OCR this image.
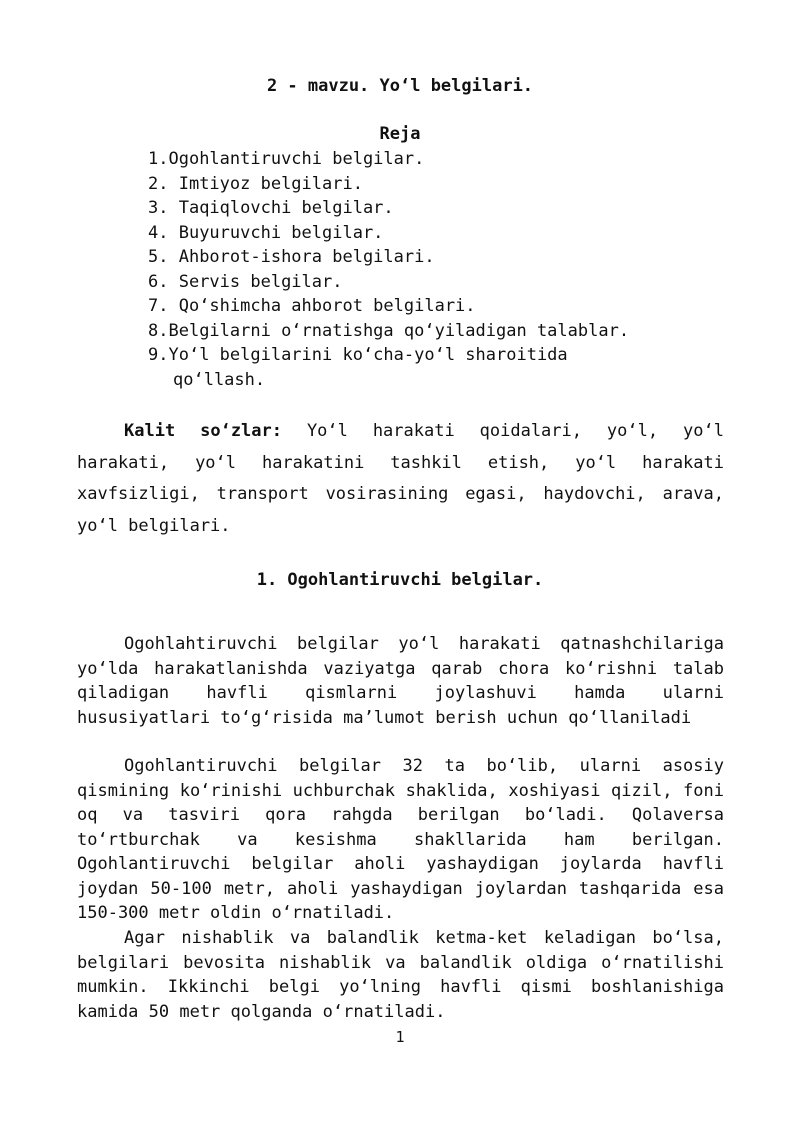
2 - mavzu. Yo‘l belgilari.
Reja
1. Ogohlantiruvchi belgilar.
2. Imtiyoz belgilari.
3. Taqiqlovchi belgilar.
4. Buyuruvchi belgilar.
5. Ahborot-ishora belgilari.
6. Servis belgilar.
7. Qo‘shimcha ahborot belgilari.
8. Belgilarni o‘rnatishga qo‘yiladigan talablar.
9. Yo‘l belgilarini ko‘cha-yo‘l sharoitida
qo‘llash.

Kalit so‘zlar: Yo‘l harakati qoidalari, yo‘l, yo‘l harakati, yo‘l harakatini tashkil etish, yo‘l harakati xavfsizligi, transport vosirasining egasi, haydovchi, arava, yo‘l belgilari.

1. Ogohlantiruvchi belgilar.

Ogohlahtiruvchi belgilar yo‘l harakati qatnashchilariga yo‘lda harakatlanishda vaziyatga qarab chora ko‘rishni talab qiladigan havfli qismlarni joylashuvi hamda ularni hususiyatlari to‘g‘risida ma’lumot berish uchun qo‘llaniladi

Ogohlantiruvchi belgilar 32 ta bo‘lib, ularni asosiy qismining ko‘rinishi uchburchak shaklida, xoshiyasi qizil, foni oq va tasviri qora rahgda berilgan bo‘ladi. Qolaversa to‘rtburchak va kesishma shakllarida ham berilgan. Ogohlantiruvchi belgilar aholi yashaydigan joylarda havfli joydan 50-100 metr, aholi yashaydigan joylardan tashqarida esa 150-300 metr oldin o‘rnatiladi.

Agar nishablik va balandlik ketma-ket keladigan bo‘lsa, belgilari bevosita nishablik va balandlik oldiga o‘rnatilishi mumkin. Ikkinchi belgi yo‘lning havfli qismi boshlanishiga kamida 50 metr qolganda o‘rnatiladi.

1
